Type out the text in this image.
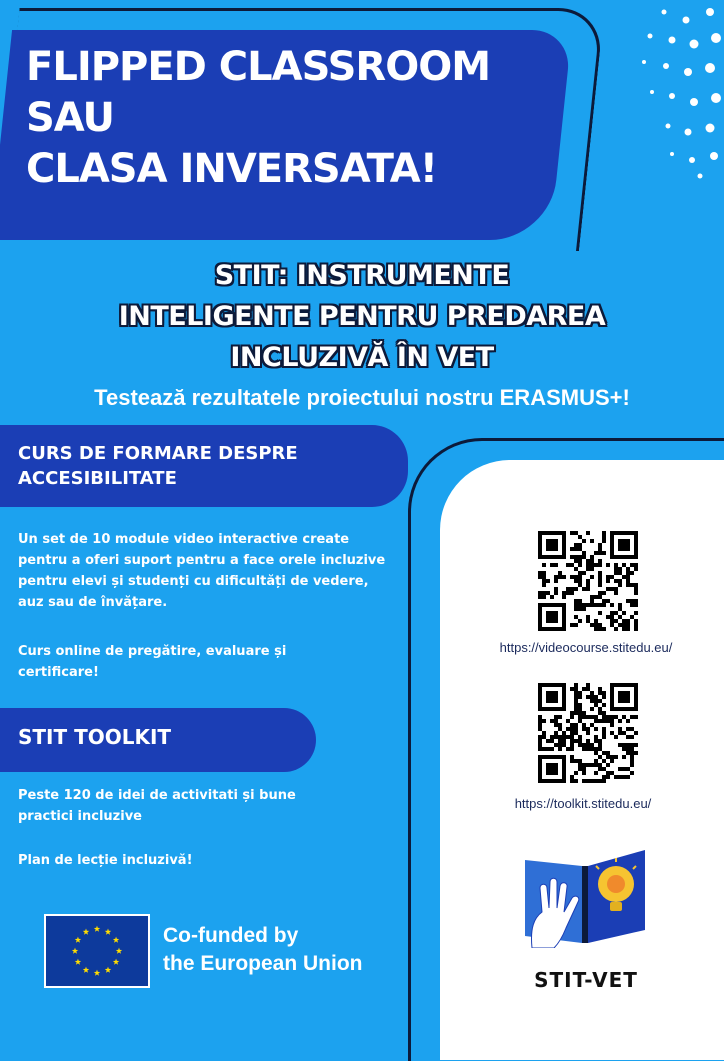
FLIPPED CLASSROOM
SAU
CLASA INVERSATA!
STIT: INSTRUMENTE
INTELIGENTE PENTRU PREDAREA
INCLUZIVĂ ÎN VET
Testează rezultatele proiectului nostru ERASMUS+!
CURS DE FORMARE DESPRE
ACCESIBILITATE
Un set de 10 module video interactive create pentru a oferi suport pentru a face orele incluzive pentru elevi și studenți cu dificultăți de vedere, auz sau de învățare.
Curs online de pregătire, evaluare și certificare!
STIT TOOLKIT
Peste 120 de idei de activitati și bune practici incluzive
Plan de lecție incluzivă!
https://videocourse.stitedu.eu/
https://toolkit.stitedu.eu/
STIT-VET
Co-funded by
the European Union
